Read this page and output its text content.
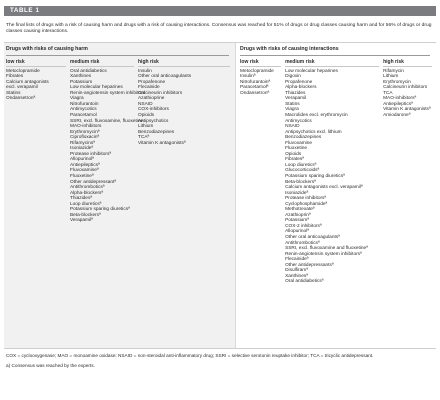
TABLE 1
The final lists of drugs with a risk of causing harm and drugs with a risk of causing interactions. Consensus was reached for 51% of drugs or drug classes causing harm and for 56% of drugs or drug classes causing interactions.
Drugs with risks of causing harm
low risk
Metoclopramide
Fibrates
Calcium antagonists
excl. verapamil
Statins
Ondansetronª
medium risk
Oral antidiabetics
Xanthines
Potassium
Low molecular heparines
Renin-angiotensin system inhibitors
Viagra
Nitrofurantoin
Antimycotics
Paracetamol
SSRI, excl. fluvoxamine, fluoxetine
MAO-inhibitors
Erythromycinª
Ciprofloxacinª
Rifamycinsª
Isoniazideª
Protease inhibitorsª
Allopurinolª
Antiepilepticsª
Fluvoxamineª
Fluoxetineª
Other antidepressantª
Antithromboticsª
Alpha-blockersª
Thiazidesª
Loop diureticsª
Potassium sparing diureticsª
Beta-blockersª
Verapamilª
high risk
Insulin
Other oral anticoagulants
Propafenone
Flecainide
Calcineurin inhibitors
Azathioprine
NSAID
COX-inhibitors
Opioids
Antipsychotics
Lithium
Benzodiazepines
TCAª
Vitamin K antagonistsª
Drugs with risks of causing interactions
low risk
Metoclopramide
Insulinª
Nitrofurantoinª
Paracetamolª
Ondansetronª
medium risk
Low molecular heparines
Digoxin
Propafenone
Alpha-blockers
Thiazides
Verapamil
Statins
Viagra
Macrolides excl. erythromycin
Antimycotics
NSAID
Antipsychotics excl. lithium
Benzodiazepines
Fluvoxamine
Fluoxetine
Opioids
Fibratesª
Loop diureticsª
Glucocorticoidsª
Potassium sparing diureticsª
Beta-blockersª
Calcium antagonists excl. verapamilª
Isoniazideª
Protease inhibitorsª
Cyclophosphamideª
Methotrexateª
Azathioprinª
Potassiumª
COX-2 inhibitorsª
Allopurinolª
Other oral anticoagulantsª
Antithromboticsª
SSRI, excl. fluvoxamine and fluoxetineª
Renin-angiotensin system inhibitorsª
Flecainideª
Other antidepressantsª
Disulfiramª
Xanthinesª
Oral antidiabeticsª
high risk
Rifamycin
Lithium
Erythromycin
Calcineurin inhibitors
TCA
MAO-inhibitorsª
Antiepilepticsª
Vitamin K antagonistsª
Amiodaroneª
COX = cyclooxygenase; MAO = monoamine oxidase; NSAID = non-steroidal anti-inflammatory drug; SSRI = selective serotonin reuptake inhibitor; TCA = tricyclic antidepressant.
a) Consensus was reached by the experts.
